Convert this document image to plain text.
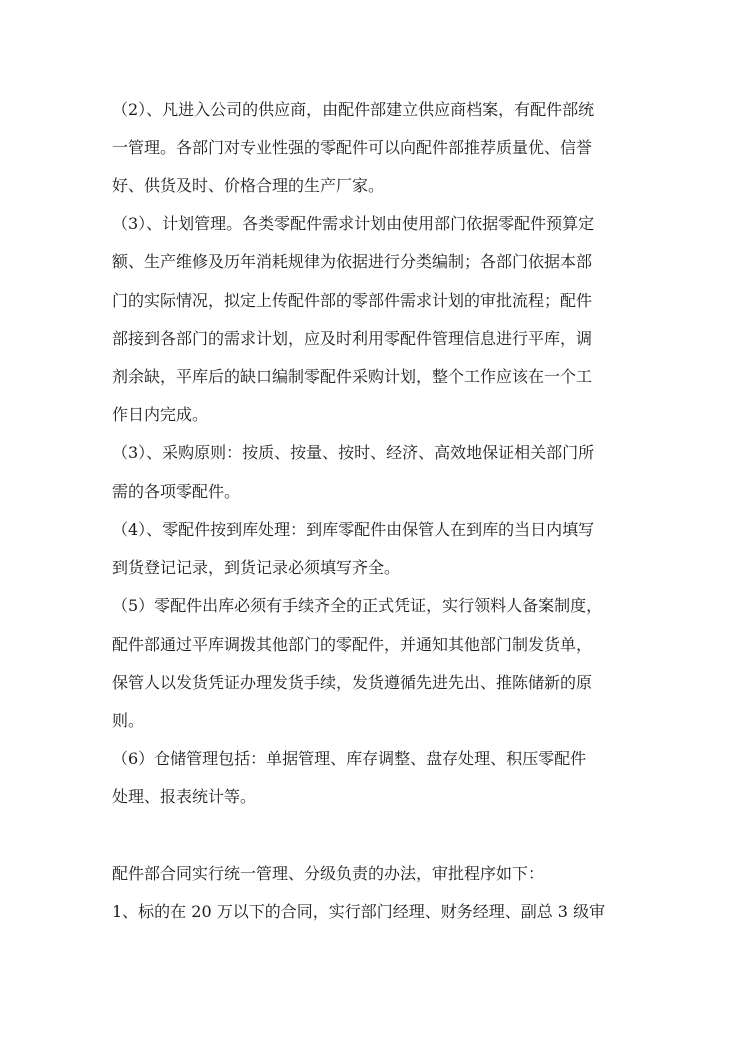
（2）、凡进入公司的供应商，由配件部建立供应商档案，有配件部统
一管理。各部门对专业性强的零配件可以向配件部推荐质量优、信誉
好、供货及时、价格合理的生产厂家。
（3）、计划管理。各类零配件需求计划由使用部门依据零配件预算定
额、生产维修及历年消耗规律为依据进行分类编制；各部门依据本部
门的实际情况，拟定上传配件部的零部件需求计划的审批流程；配件
部接到各部门的需求计划，应及时利用零配件管理信息进行平库，调
剂余缺，平库后的缺口编制零配件采购计划，整个工作应该在一个工
作日内完成。
（3）、采购原则：按质、按量、按时、经济、高效地保证相关部门所
需的各项零配件。
（4）、零配件按到库处理：到库零配件由保管人在到库的当日内填写
到货登记记录，到货记录必须填写齐全。
（5）零配件出库必须有手续齐全的正式凭证，实行领料人备案制度，
配件部通过平库调拨其他部门的零配件，并通知其他部门制发货单，
保管人以发货凭证办理发货手续，发货遵循先进先出、推陈储新的原
则。
（6）仓储管理包括：单据管理、库存调整、盘存处理、积压零配件
处理、报表统计等。
配件部合同实行统一管理、分级负责的办法，审批程序如下：
1、标的在 20 万以下的合同，实行部门经理、财务经理、副总 3 级审
